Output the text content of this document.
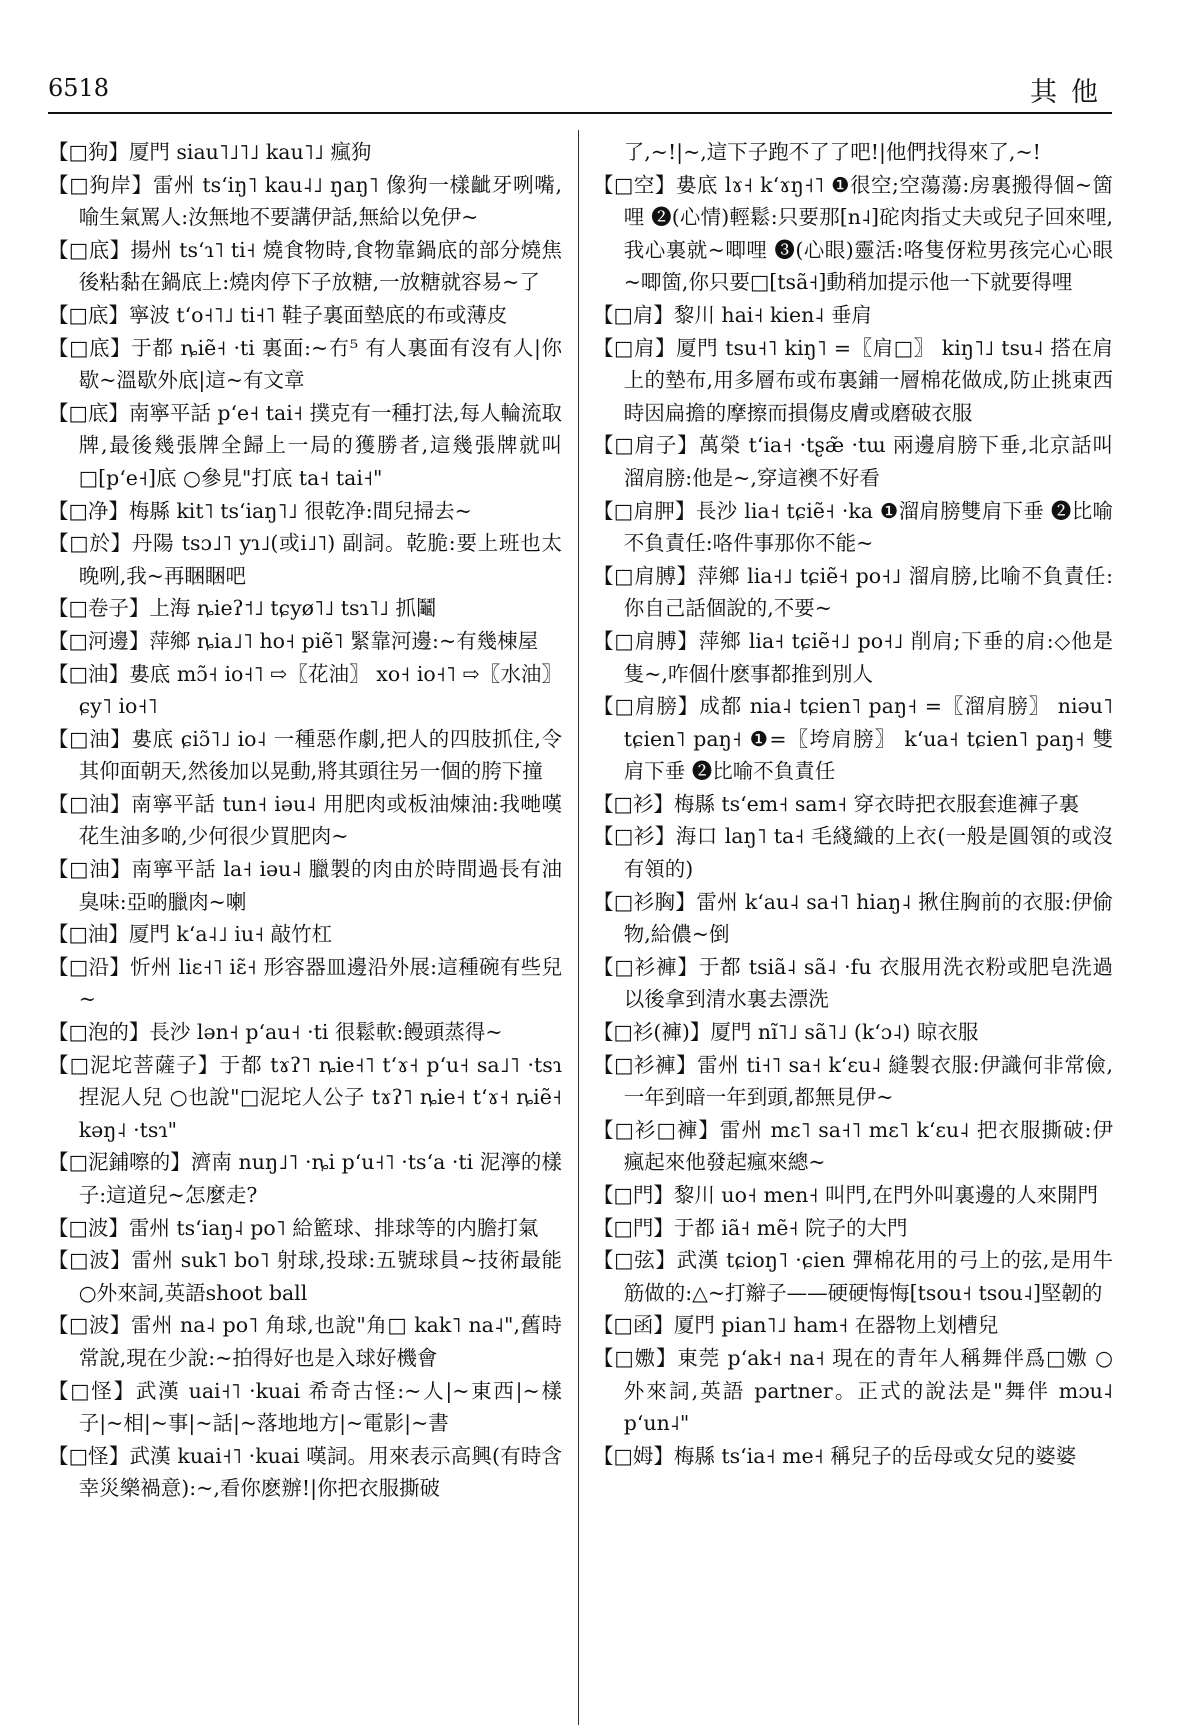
6518	其他

【□狗】厦門 siau˥˩˥˩ kau˥˩ 瘋狗

【□狗岸】雷州 tsʻiŋ˥ kau˨˩ ŋaŋ˥ 像狗一樣齜牙咧嘴,喻生氣罵人:汝無地不要講伊話,無給以免伊~

【□底】揚州 tsʻɿ˥ ti˧ 燒食物時,食物靠鍋底的部分燒焦後粘黏在鍋底上:燒肉停下子放糖,一放糖就容易~了

【□底】寧波 tʻo˧˥˩ ti˧˥ 鞋子裏面墊底的布或薄皮

【□底】于都 ȵiẽ˧ ·ti 裏面:~冇⁵ 有人裏面有沒有人|你歇~溫歇外底|這~有文章

【□底】南寧平話 pʻe˧ tai˧ 撲克有一種打法,每人輪流取牌,最後幾張牌全歸上一局的獲勝者,這幾張牌就叫□[pʻe˧]底 ○參見"打底 ta˧ tai˧"

【□净】梅縣 kit˥ tsʻiaŋ˥˩ 很乾净:間兒掃去~

【□於】丹陽 tsɔ˩˥ yɿ˩(或i˩˥) 副詞。乾脆:要上班也太晚咧,我~再睏睏吧

【□卷子】上海 ȵieʔ˦˩ tɕyø˥˩ tsɿ˥˩ 抓鬮

【□河邊】萍鄉 ȵia˩˥ ho˧ piẽ˥ 緊靠河邊:~有幾棟屋

【□油】婁底 mɔ̃˧ io˧˥ ⇨〖花油〗 xo˧ io˧˥ ⇨〖水油〗 ɕy˥ io˧˥

【□油】婁底 ɕiɔ̃˥˩ io˨ 一種惡作劇,把人的四肢抓住,令其仰面朝天,然後加以晃動,將其頭往另一個的胯下撞

【□油】南寧平話 tun˧ iəu˨ 用肥肉或板油煉油:我哋嘆花生油多啲,少何很少買肥肉~

【□油】南寧平話 la˧ iəu˨ 臘製的肉由於時間過長有油臭味:亞啲臘肉~喇

【□油】厦門 kʻa˨˩ iu˧ 敲竹杠

【□沿】忻州 liɛ˧˥ iɛ̃˧ 形容器皿邊沿外展:這種碗有些兒~

【□泡的】長沙 lən˧ pʻau˧ ·ti 很鬆軟:饅頭蒸得~

【□泥坨菩薩子】于都 tɤʔ˥ ȵie˧˥ tʻɤ˧ pʻu˧ sa˩˥ ·tsɿ 捏泥人兒 ○也說"□泥坨人公子 tɤʔ˥ ȵie˧ tʻɤ˧ ȵiẽ˧ kəŋ˨ ·tsɿ"

【□泥鋪嚓的】濟南 nuŋ˩˥ ·ȵi pʻu˧˥ ·tsʻa ·ti 泥濘的樣子:這道兒~怎麼走?

【□波】雷州 tsʻiaŋ˨ po˥ 給籃球、排球等的内膽打氣

【□波】雷州 suk˥ bo˥ 射球,投球:五號球員~技術最能 ○外來詞,英語shoot ball

【□波】雷州 na˨ po˥ 角球,也說"角□ kak˥ na˨",舊時常說,現在少說:~拍得好也是入球好機會

【□怪】武漢 uai˧˥ ·kuai 希奇古怪:~人|~東西|~樣子|~相|~事|~話|~落地地方|~電影|~書

【□怪】武漢 kuai˧˥ ·kuai 嘆詞。用來表示高興(有時含幸災樂禍意):~,看你麽辦!|你把衣服撕破

了,~!|~,這下子跑不了了吧!|他們找得來了,~!

【□空】婁底 lɤ˧ kʻɤŋ˧˥ ❶很空;空蕩蕩:房裏搬得個~箇哩 ❷(心情)輕鬆:只要那[n˨]砣肉指丈夫或兒子回來哩,我心裏就~唧哩 ❸(心眼)靈活:咯隻伢粒男孩完心心眼~唧箇,你只要□[tsã˧]動稍加提示他一下就要得哩

【□肩】黎川 hai˧ kien˨ 垂肩

【□肩】厦門 tsu˧˥ kiŋ˥ =〖肩□〗 kiŋ˥˩ tsu˨ 搭在肩上的墊布,用多層布或布裏鋪一層棉花做成,防止挑東西時因扁擔的摩擦而損傷皮膚或磨破衣服

【□肩子】萬榮 tʻia˧ ·tʂæ̃ ·tɯ 兩邊肩膀下垂,北京話叫溜肩膀:他是~,穿這襖不好看

【□肩胛】長沙 lia˧ tɕiẽ˧ ·ka ❶溜肩膀雙肩下垂 ❷比喻不負責任:咯件事那你不能~

【□肩膊】萍鄉 lia˧˩ tɕiẽ˧ po˧˩ 溜肩膀,比喻不負責任:你自己話個說的,不要~

【□肩膊】萍鄉 lia˧ tɕiẽ˧˩ po˧˩ 削肩;下垂的肩:◇他是隻~,咋個什麽事都推到別人

【□肩膀】成都 nia˨ tɕien˥ paŋ˧ =〖溜肩膀〗 niəu˥ tɕien˥ paŋ˧ ❶=〖垮肩膀〗 kʻua˧ tɕien˥ paŋ˧ 雙肩下垂 ❷比喻不負責任

【□衫】梅縣 tsʻem˧ sam˧ 穿衣時把衣服套進褲子裏

【□衫】海口 laŋ˥ ta˧ 毛綫織的上衣(一般是圓領的或沒有領的)

【□衫胸】雷州 kʻau˨ sa˧˥ hiaŋ˨ 揪住胸前的衣服:伊偷物,給儂~倒

【□衫褲】于都 tsiã˨ sã˨ ·fu 衣服用洗衣粉或肥皂洗過以後拿到清水裏去漂洗

【□衫(褲)】厦門 nĩ˥˩ sã˥˩ (kʻɔ˨) 晾衣服

【□衫褲】雷州 ti˧˥ sa˧ kʻɛu˨ 縫製衣服:伊識何非常儉,一年到暗一年到頭,都無見伊~

【□衫□褲】雷州 mɛ˥ sa˧˥ mɛ˥ kʻɛu˨ 把衣服撕破:伊瘋起來他發起瘋來總~

【□門】黎川 uo˧ men˧ 叫門,在門外叫裏邊的人來開門

【□門】于都 iã˧ mẽ˧ 院子的大門

【□弦】武漢 tɕioŋ˥ ·ɕien 彈棉花用的弓上的弦,是用牛筋做的:△~打辮子——硬硬悔悔[tsou˧ tsou˨]堅韌的

【□函】厦門 pian˥˩ ham˧ 在器物上划槽兒

【□嫐】東莞 pʻak˧ na˧ 現在的青年人稱舞伴爲□嫐 ○外來詞,英語 partner。正式的說法是"舞伴 mɔu˨ pʻun˨"

【□姆】梅縣 tsʻia˧ me˧ 稱兒子的岳母或女兒的婆婆
